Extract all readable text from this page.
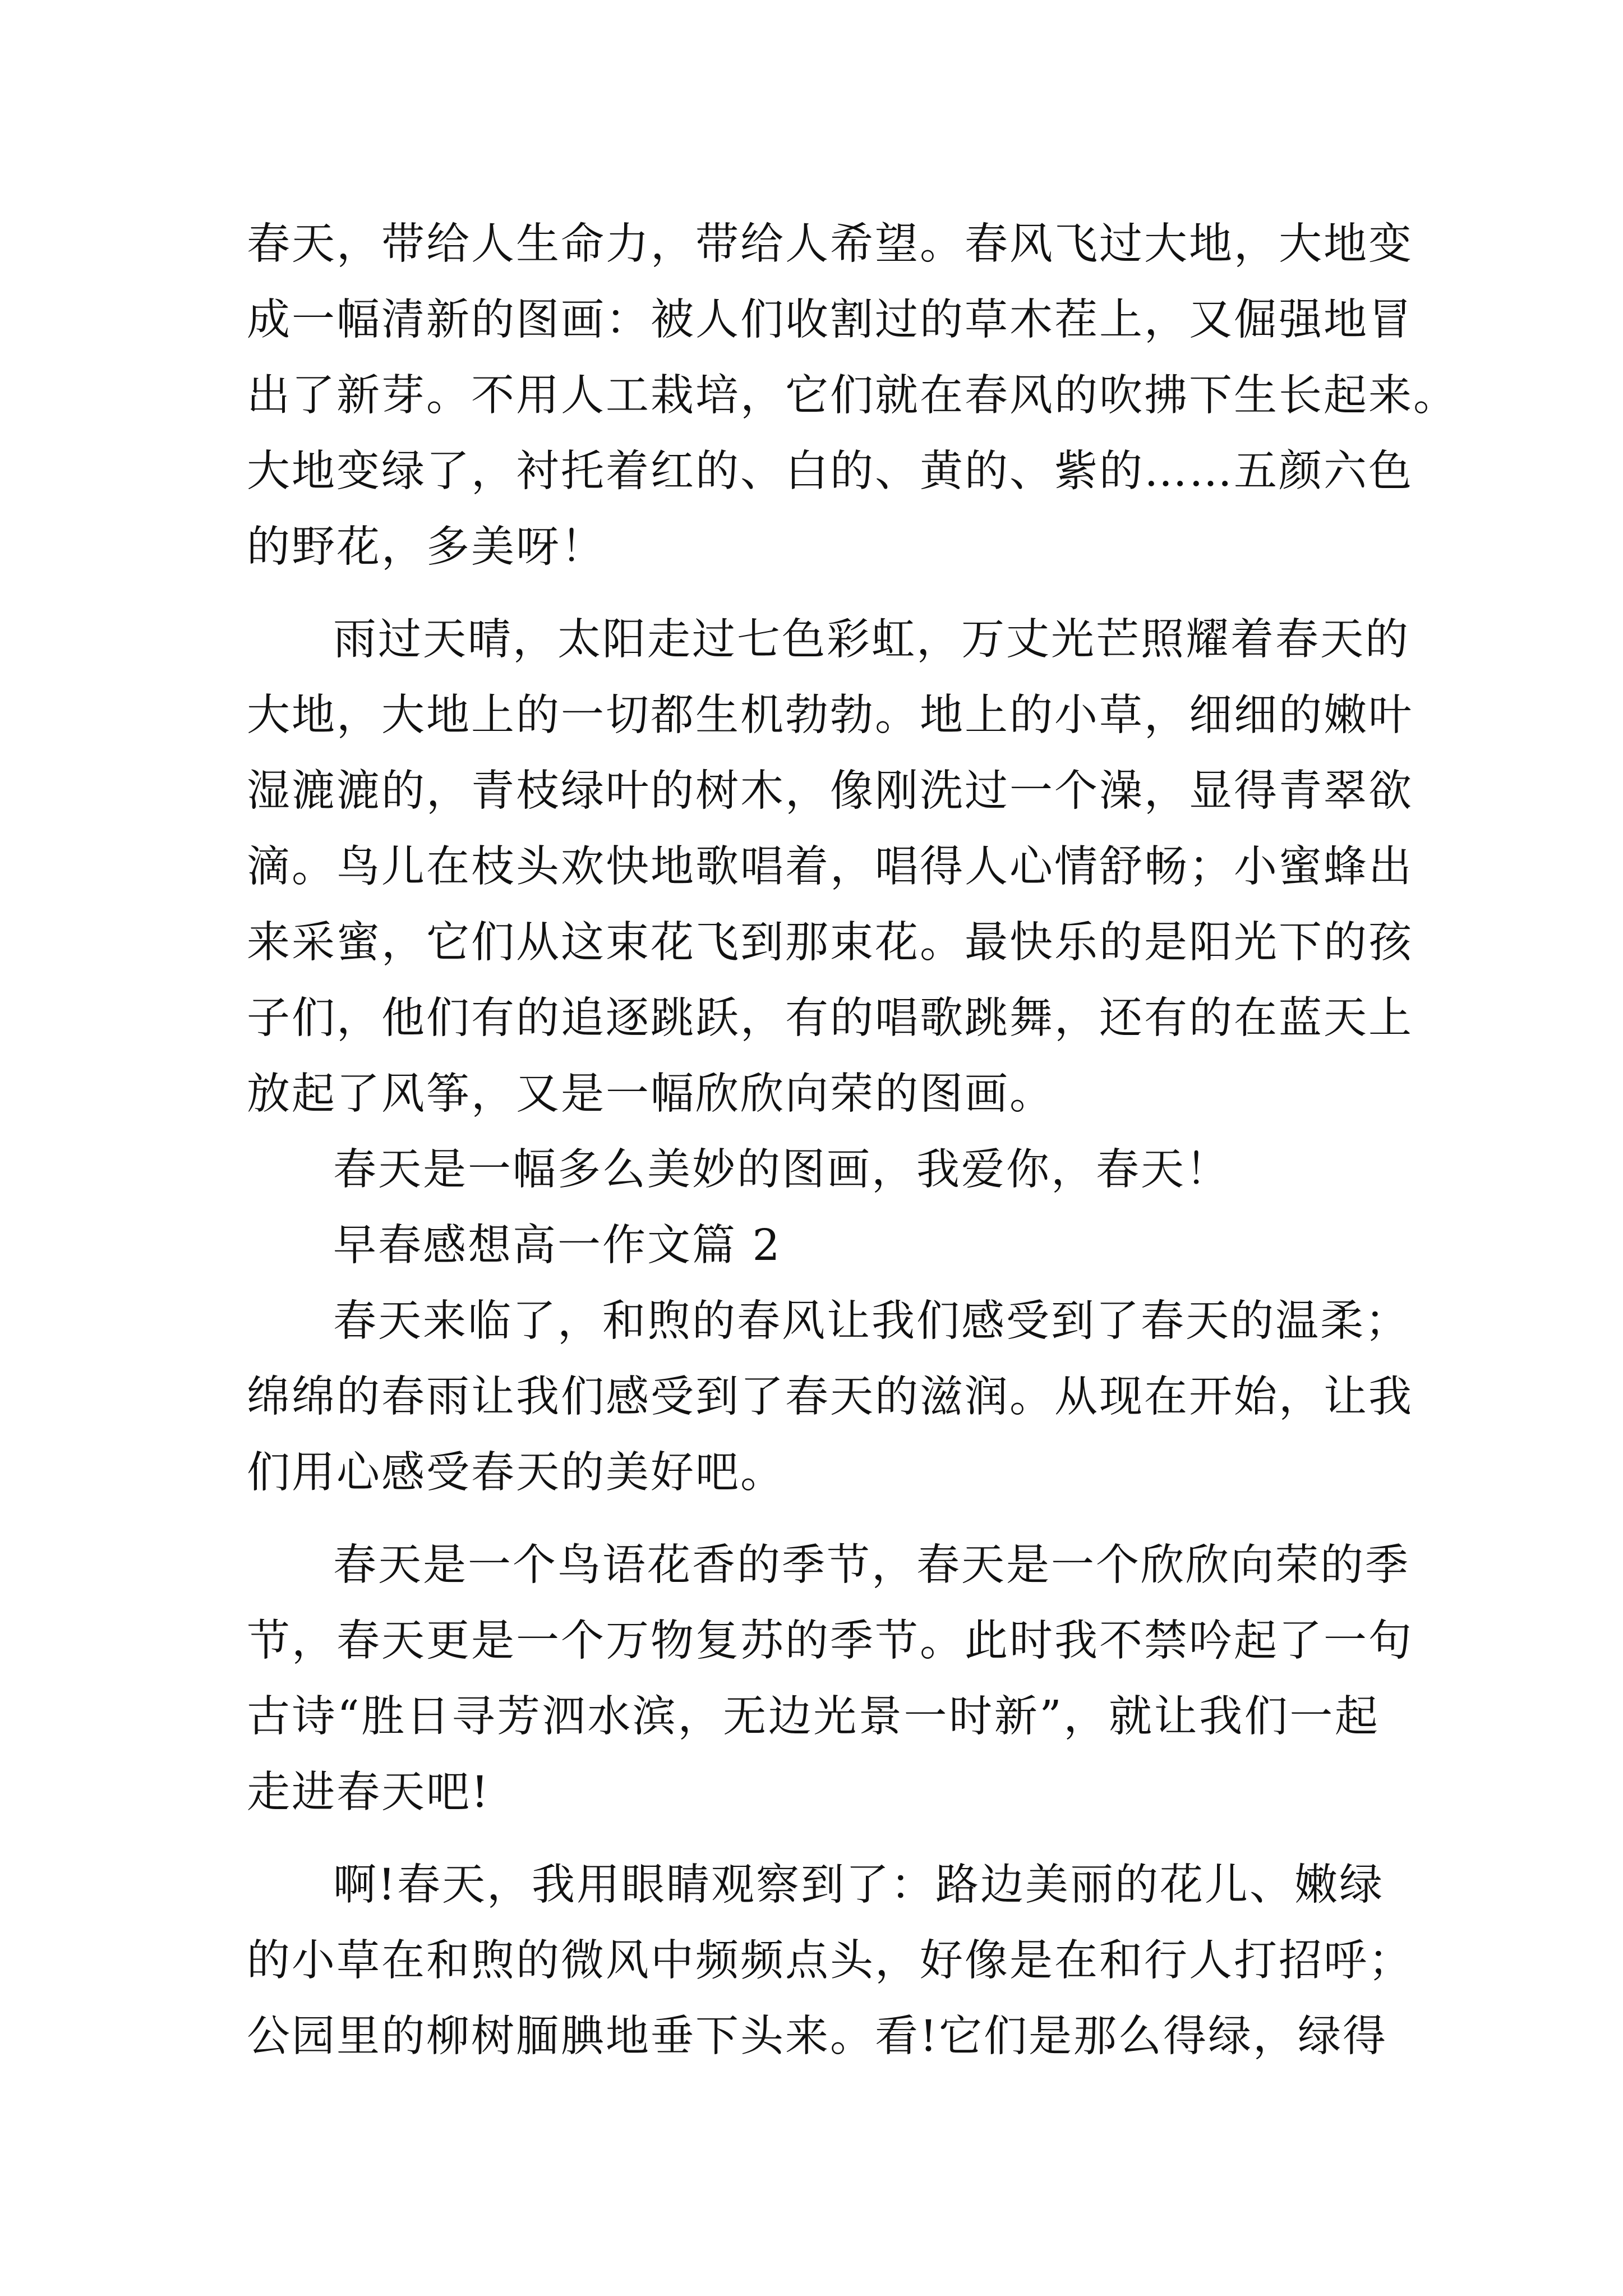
春天，带给人生命力，带给人希望。春风飞过大地，大地变
成一幅清新的图画：被人们收割过的草木茬上，又倔强地冒
出了新芽。不用人工栽培，它们就在春风的吹拂下生长起来。
大地变绿了，衬托着红的、白的、黄的、紫的……五颜六色
的野花，多美呀！
雨过天晴，太阳走过七色彩虹，万丈光芒照耀着春天的
大地，大地上的一切都生机勃勃。地上的小草，细细的嫩叶
湿漉漉的，青枝绿叶的树木，像刚洗过一个澡，显得青翠欲
滴。鸟儿在枝头欢快地歌唱着，唱得人心情舒畅；小蜜蜂出
来采蜜，它们从这束花飞到那束花。最快乐的是阳光下的孩
子们，他们有的追逐跳跃，有的唱歌跳舞，还有的在蓝天上
放起了风筝，又是一幅欣欣向荣的图画。
春天是一幅多么美妙的图画，我爱你，春天！
早春感想高一作文篇 2
春天来临了，和煦的春风让我们感受到了春天的温柔；
绵绵的春雨让我们感受到了春天的滋润。从现在开始，让我
们用心感受春天的美好吧。
春天是一个鸟语花香的季节，春天是一个欣欣向荣的季
节，春天更是一个万物复苏的季节。此时我不禁吟起了一句
古诗“胜日寻芳泗水滨，无边光景一时新”，就让我们一起
走进春天吧!
啊!春天，我用眼睛观察到了：路边美丽的花儿、嫩绿
的小草在和煦的微风中频频点头，好像是在和行人打招呼；
公园里的柳树腼腆地垂下头来。看!它们是那么得绿，绿得
